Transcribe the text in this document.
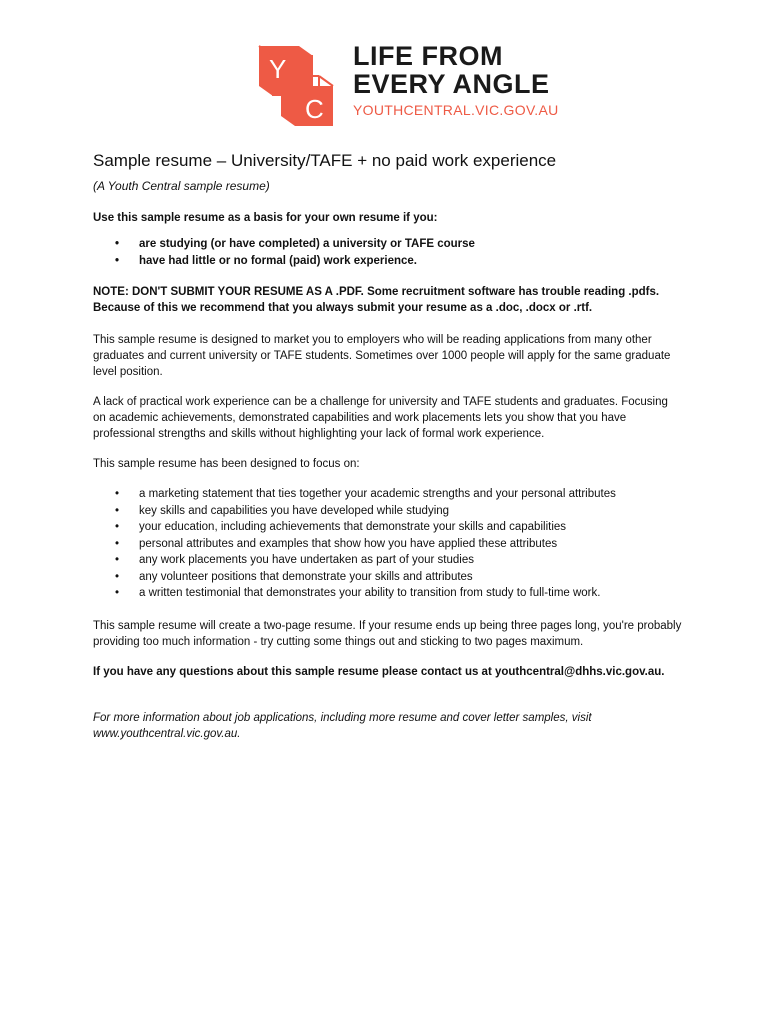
Y
C
LIFE FROM
EVERY ANGLE
YOUTHCENTRAL.VIC.GOV.AU
Sample resume – University/TAFE + no paid work experience

(A Youth Central sample resume)

Use this sample resume as a basis for your own resume if you:

• are studying (or have completed) a university or TAFE course
• have had little or no formal (paid) work experience.

NOTE: DON'T SUBMIT YOUR RESUME AS A .PDF. Some recruitment software has trouble reading .pdfs. Because of this we recommend that you always submit your resume as a .doc, .docx or .rtf.

This sample resume is designed to market you to employers who will be reading applications from many other graduates and current university or TAFE students. Sometimes over 1000 people will apply for the same graduate level position.

A lack of practical work experience can be a challenge for university and TAFE students and graduates. Focusing on academic achievements, demonstrated capabilities and work placements lets you show that you have professional strengths and skills without highlighting your lack of formal work experience.

This sample resume has been designed to focus on:

• a marketing statement that ties together your academic strengths and your personal attributes
• key skills and capabilities you have developed while studying
• your education, including achievements that demonstrate your skills and capabilities
• personal attributes and examples that show how you have applied these attributes
• any work placements you have undertaken as part of your studies
• any volunteer positions that demonstrate your skills and attributes
• a written testimonial that demonstrates your ability to transition from study to full-time work.

This sample resume will create a two-page resume. If your resume ends up being three pages long, you're probably providing too much information - try cutting some things out and sticking to two pages maximum.

If you have any questions about this sample resume please contact us at youthcentral@dhhs.vic.gov.au.

For more information about job applications, including more resume and cover letter samples, visit www.youthcentral.vic.gov.au.
